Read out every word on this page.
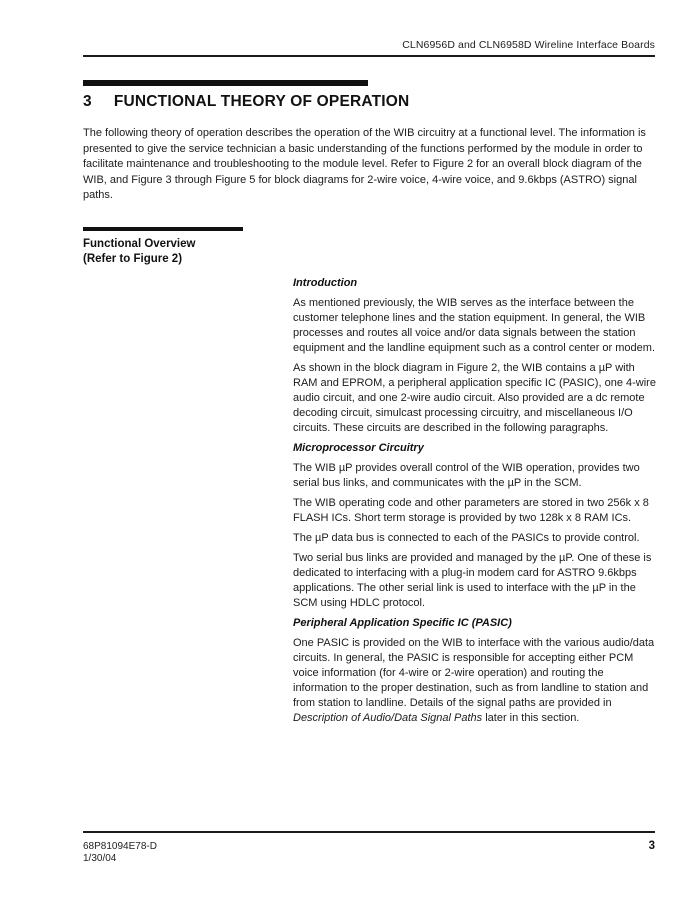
CLN6956D and CLN6958D Wireline Interface Boards
3 FUNCTIONAL THEORY OF OPERATION
The following theory of operation describes the operation of the WIB circuitry at a functional level. The information is presented to give the service technician a basic understanding of the functions performed by the module in order to facilitate maintenance and troubleshooting to the module level. Refer to Figure 2 for an overall block diagram of the WIB, and Figure 3 through Figure 5 for block diagrams for 2-wire voice, 4-wire voice, and 9.6kbps (ASTRO) signal paths.
Functional Overview
(Refer to Figure 2)
Introduction

As mentioned previously, the WIB serves as the interface between the customer telephone lines and the station equipment. In general, the WIB processes and routes all voice and/or data signals between the station equipment and the landline equipment such as a control center or modem.

As shown in the block diagram in Figure 2, the WIB contains a µP with RAM and EPROM, a peripheral application specific IC (PASIC), one 4-wire audio circuit, and one 2-wire audio circuit. Also provided are a dc remote decoding circuit, simulcast processing circuitry, and miscellaneous I/O circuits. These circuits are described in the following paragraphs.

Microprocessor Circuitry

The WIB µP provides overall control of the WIB operation, provides two serial bus links, and communicates with the µP in the SCM.

The WIB operating code and other parameters are stored in two 256k x 8 FLASH ICs. Short term storage is provided by two 128k x 8 RAM ICs.

The µP data bus is connected to each of the PASICs to provide control.

Two serial bus links are provided and managed by the µP. One of these is dedicated to interfacing with a plug-in modem card for ASTRO 9.6kbps applications. The other serial link is used to interface with the µP in the SCM using HDLC protocol.

Peripheral Application Specific IC (PASIC)

One PASIC is provided on the WIB to interface with the various audio/data circuits. In general, the PASIC is responsible for accepting either PCM voice information (for 4-wire or 2-wire operation) and routing the information to the proper destination, such as from landline to station and from station to landline. Details of the signal paths are provided in Description of Audio/Data Signal Paths later in this section.

68P81094E78-D
1/30/04
3
